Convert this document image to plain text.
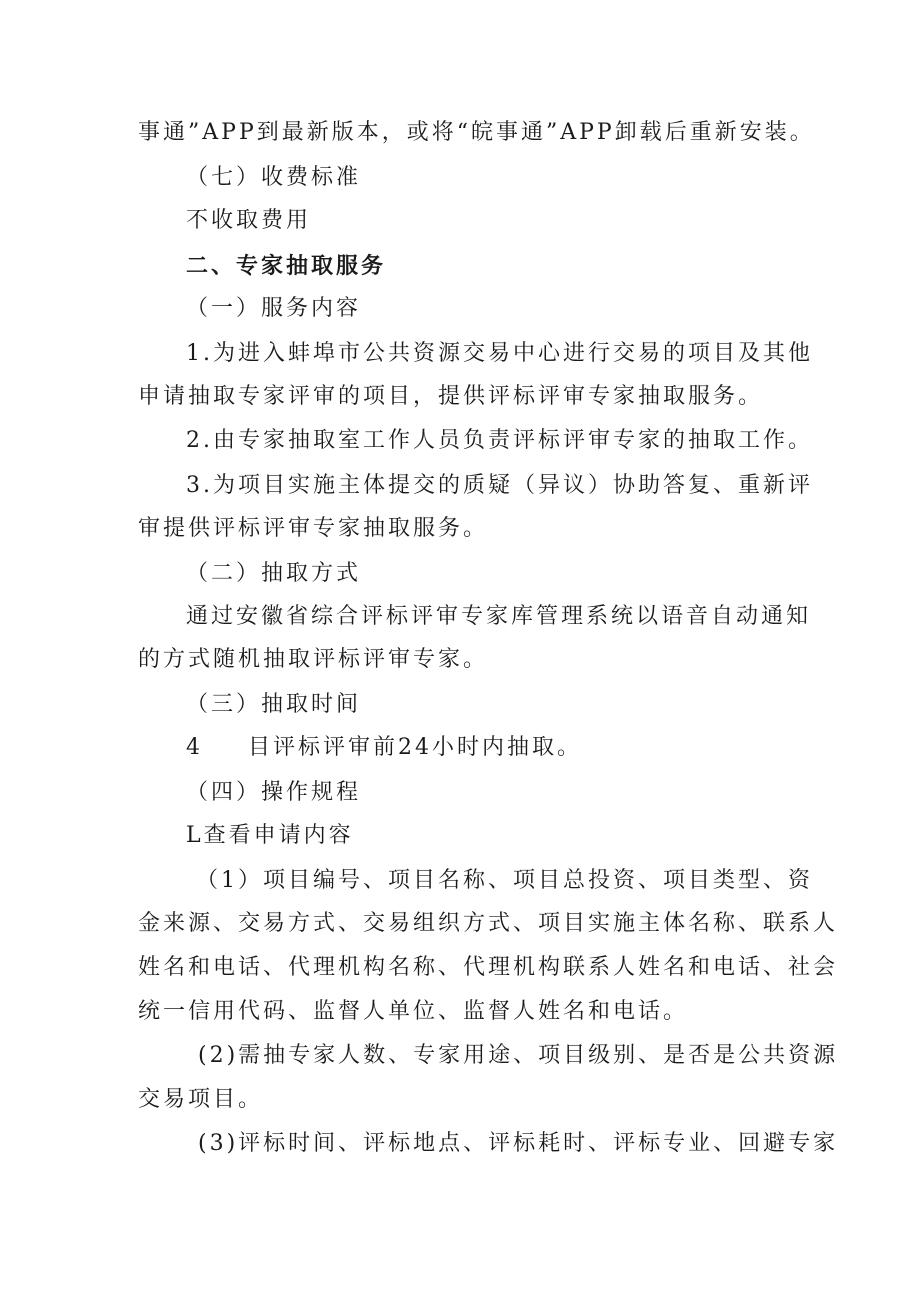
事通”APP到最新版本，或将“皖事通”APP卸载后重新安装。

（七）收费标准

不收取费用

二、专家抽取服务

（一）服务内容

1.为进入蚌埠市公共资源交易中心进行交易的项目及其他

申请抽取专家评审的项目，提供评标评审专家抽取服务。

2.由专家抽取室工作人员负责评标评审专家的抽取工作。

3.为项目实施主体提交的质疑（异议）协助答复、重新评

审提供评标评审专家抽取服务。

（二）抽取方式

通过安徽省综合评标评审专家库管理系统以语音自动通知

的方式随机抽取评标评审专家。

（三）抽取时间

4 目评标评审前24小时内抽取。

（四）操作规程

L查看申请内容

（1）项目编号、项目名称、项目总投资、项目类型、资

金来源、交易方式、交易组织方式、项目实施主体名称、联系人

姓名和电话、代理机构名称、代理机构联系人姓名和电话、社会

统一信用代码、监督人单位、监督人姓名和电话。

(2)需抽专家人数、专家用途、项目级别、是否是公共资源

交易项目。

(3)评标时间、评标地点、评标耗时、评标专业、回避专家
